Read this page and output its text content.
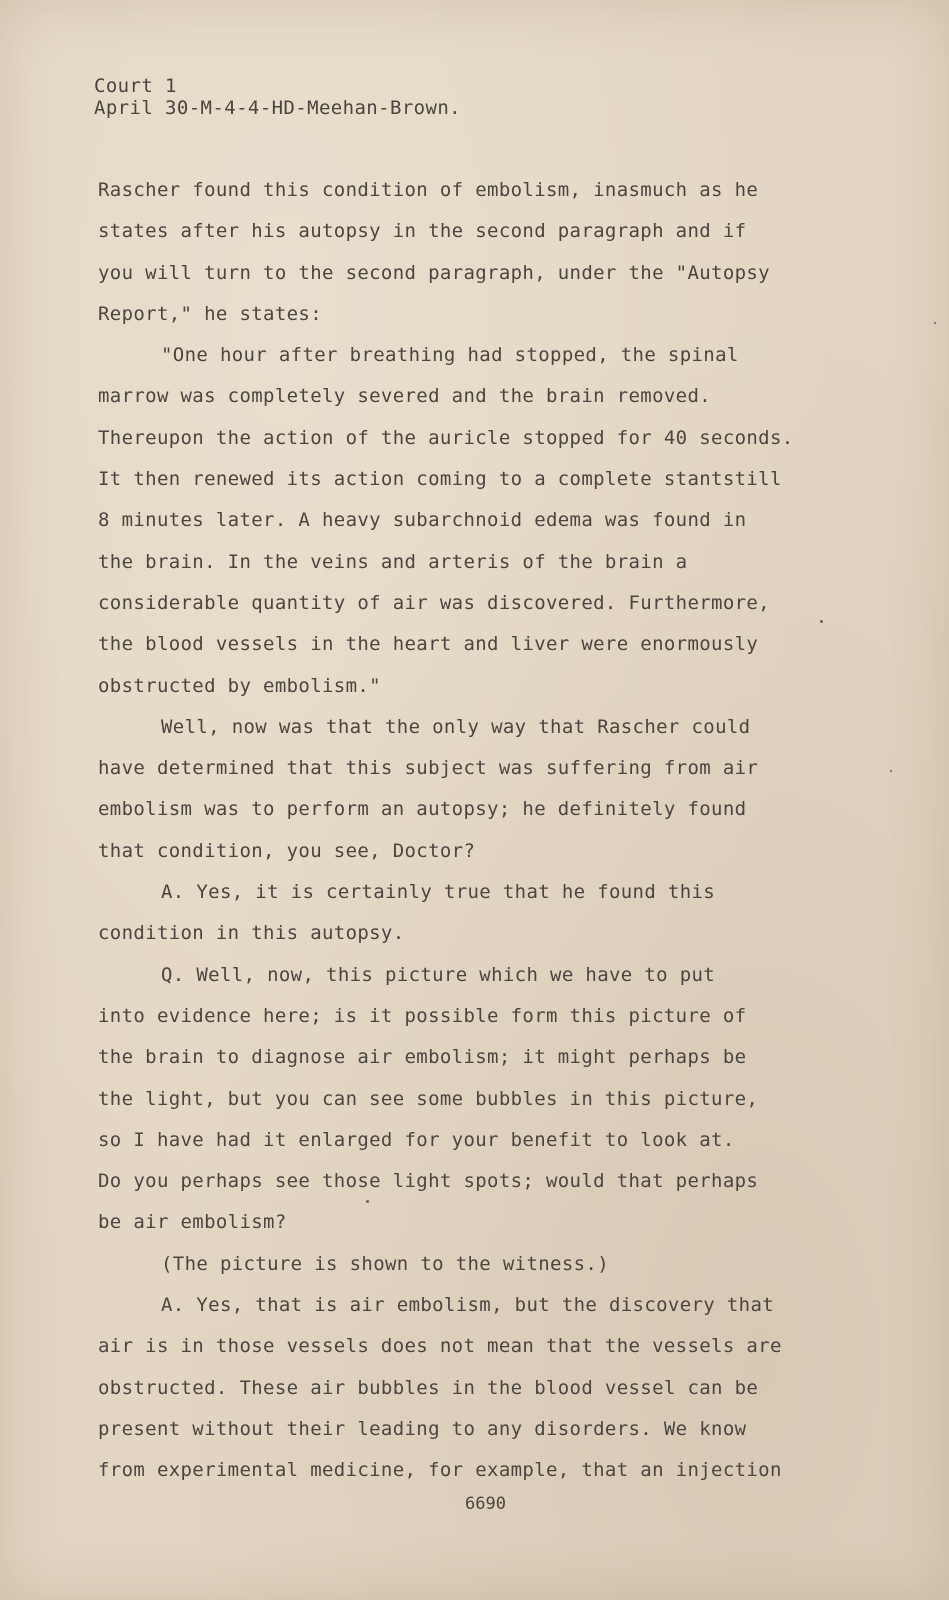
Court 1
April 30-M-4-4-HD-Meehan-Brown.
Rascher found this condition of embolism, inasmuch as he
states after his autopsy in the second paragraph and if
you will turn to the second paragraph, under the "Autopsy
Report," he states:
"One hour after breathing had stopped, the spinal
marrow was completely severed and the brain removed.
Thereupon the action of the auricle stopped for 40 seconds.
It then renewed its action coming to a complete stantstill
8 minutes later. A heavy subarchnoid edema was found in
the brain. In the veins and arteris of the brain a
considerable quantity of air was discovered. Furthermore,
the blood vessels in the heart and liver were enormously
obstructed by embolism."
Well, now was that the only way that Rascher could
have determined that this subject was suffering from air
embolism was to perform an autopsy; he definitely found
that condition, you see, Doctor?
A. Yes, it is certainly true that he found this
condition in this autopsy.
Q. Well, now, this picture which we have to put
into evidence here; is it possible form this picture of
the brain to diagnose air embolism; it might perhaps be
the light, but you can see some bubbles in this picture,
so I have had it enlarged for your benefit to look at.
Do you perhaps see those light spots; would that perhaps
be air embolism?
(The picture is shown to the witness.)
A. Yes, that is air embolism, but the discovery that
air is in those vessels does not mean that the vessels are
obstructed. These air bubbles in the blood vessel can be
present without their leading to any disorders. We know
from experimental medicine, for example, that an injection
6690
